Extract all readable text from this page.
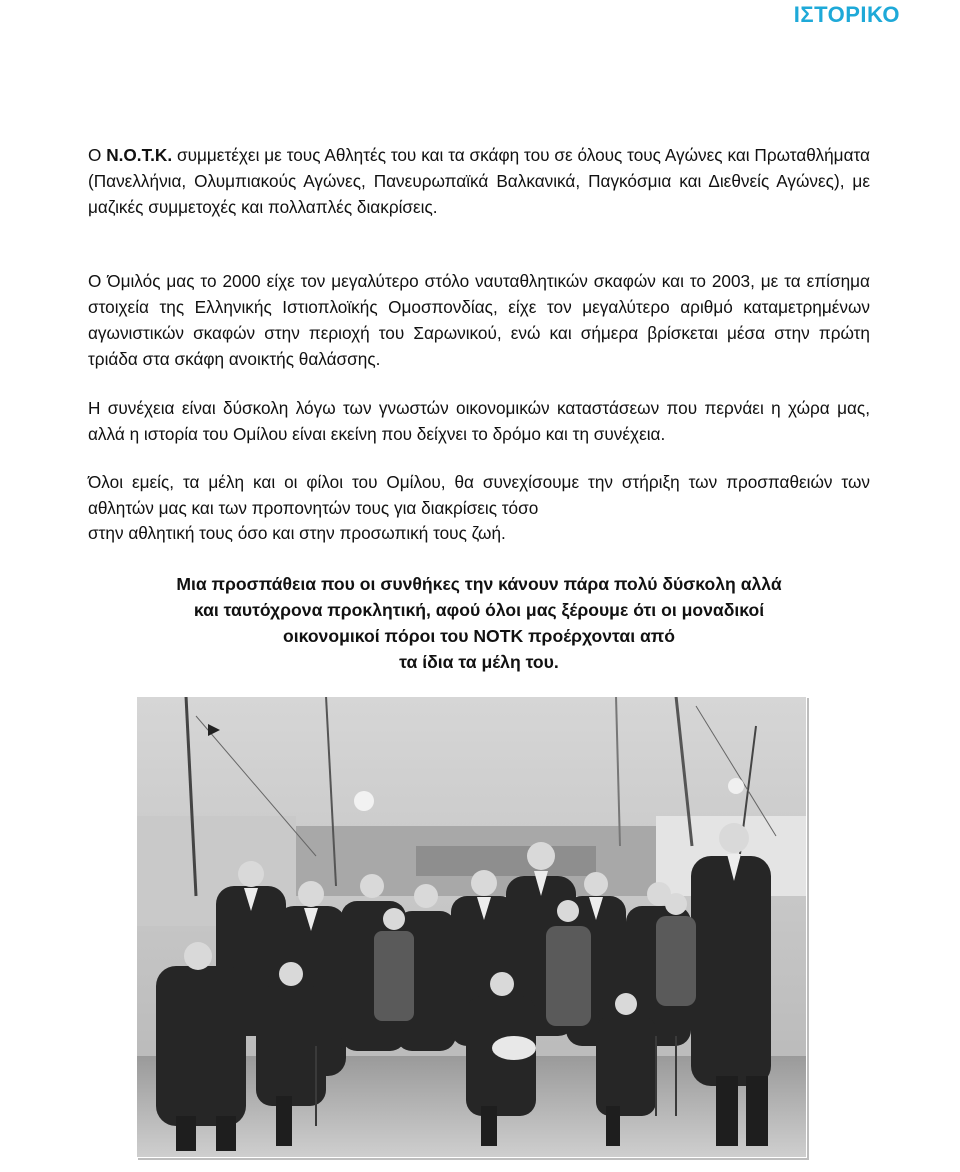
ΙΣΤΟΡΙΚΟ

Ο N.O.T.K. συμμετέχει με τους Αθλητές του και τα σκάφη του σε όλους τους Αγώνες και Πρωταθλήματα (Πανελλήνια, Ολυμπιακούς Αγώνες, Πανευρωπαϊκά Βαλκανικά, Παγκόσμια και Διεθνείς Αγώνες), με μαζικές συμμετοχές και πολλαπλές διακρίσεις.

Ο Όμιλός μας το 2000 είχε τον μεγαλύτερο στόλο ναυταθλητικών σκαφών και το 2003, με τα επίσημα στοιχεία της Ελληνικής Ιστιοπλοϊκής Ομοσπονδίας, είχε τον μεγαλύτερο αριθμό καταμετρημένων αγωνιστικών σκαφών στην περιοχή του Σαρωνικού, ενώ και σήμερα βρίσκεται μέσα στην πρώτη τριάδα στα σκάφη ανοικτής θαλάσσης.

Η συνέχεια είναι δύσκολη λόγω των γνωστών οικονομικών καταστάσεων που περνάει η χώρα μας, αλλά η ιστορία του Ομίλου είναι εκείνη που δείχνει το δρόμο και τη συνέχεια.

Όλοι εμείς, τα μέλη και οι φίλοι του Ομίλου, θα συνεχίσουμε την στήριξη των προσπαθειών των αθλητών μας και των προπονητών τους για διακρίσεις τόσο

στην αθλητική τους όσο και στην προσωπική τους ζωή.

Μια προσπάθεια που οι συνθήκες την κάνουν πάρα πολύ δύσκολη αλλά
και ταυτόχρονα προκλητική, αφού όλοι μας ξέρουμε ότι οι μοναδικοί
οικονομικοί πόροι του ΝΟΤΚ προέρχονται από
τα ίδια τα μέλη του.
